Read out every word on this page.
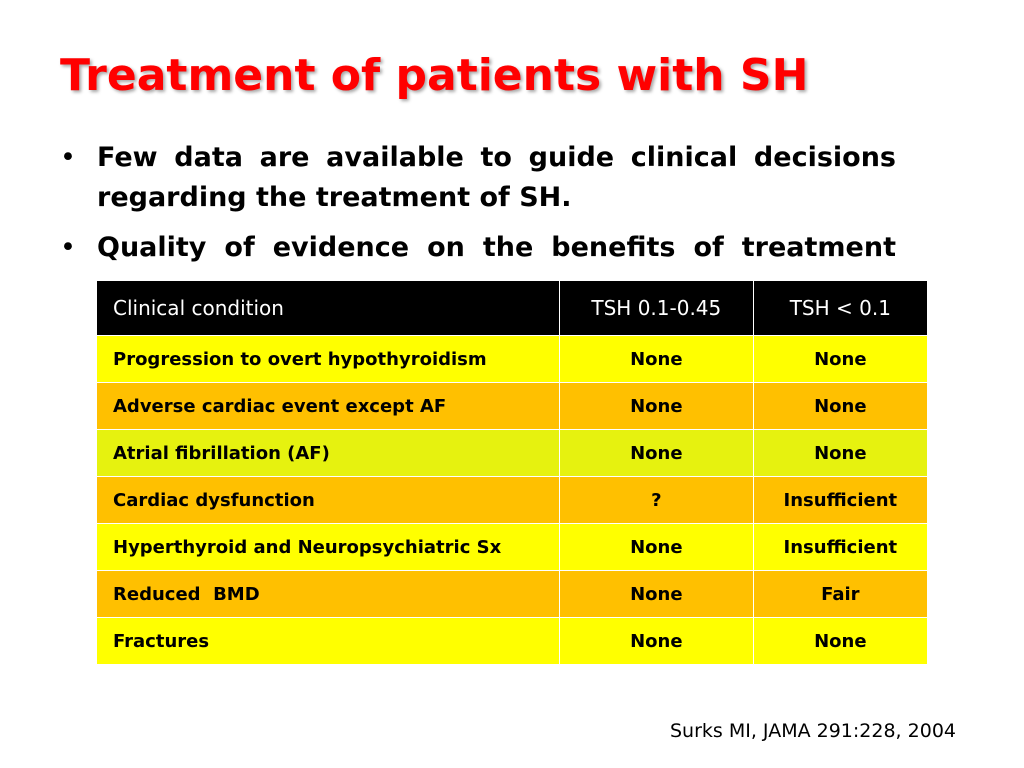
Treatment of patients with SH
• Few data are available to guide clinical decisions regarding the treatment of SH.
• Quality of evidence on the benefits of treatment
Clinical condition	TSH 0.1-0.45	TSH < 0.1
Progression to overt hypothyroidism	None	None
Adverse cardiac event except AF	None	None
Atrial fibrillation (AF)	None	None
Cardiac dysfunction	?	Insufficient
Hyperthyroid and Neuropsychiatric Sx	None	Insufficient
Reduced  BMD	None	Fair
Fractures	None	None
Surks MI, JAMA 291:228, 2004
